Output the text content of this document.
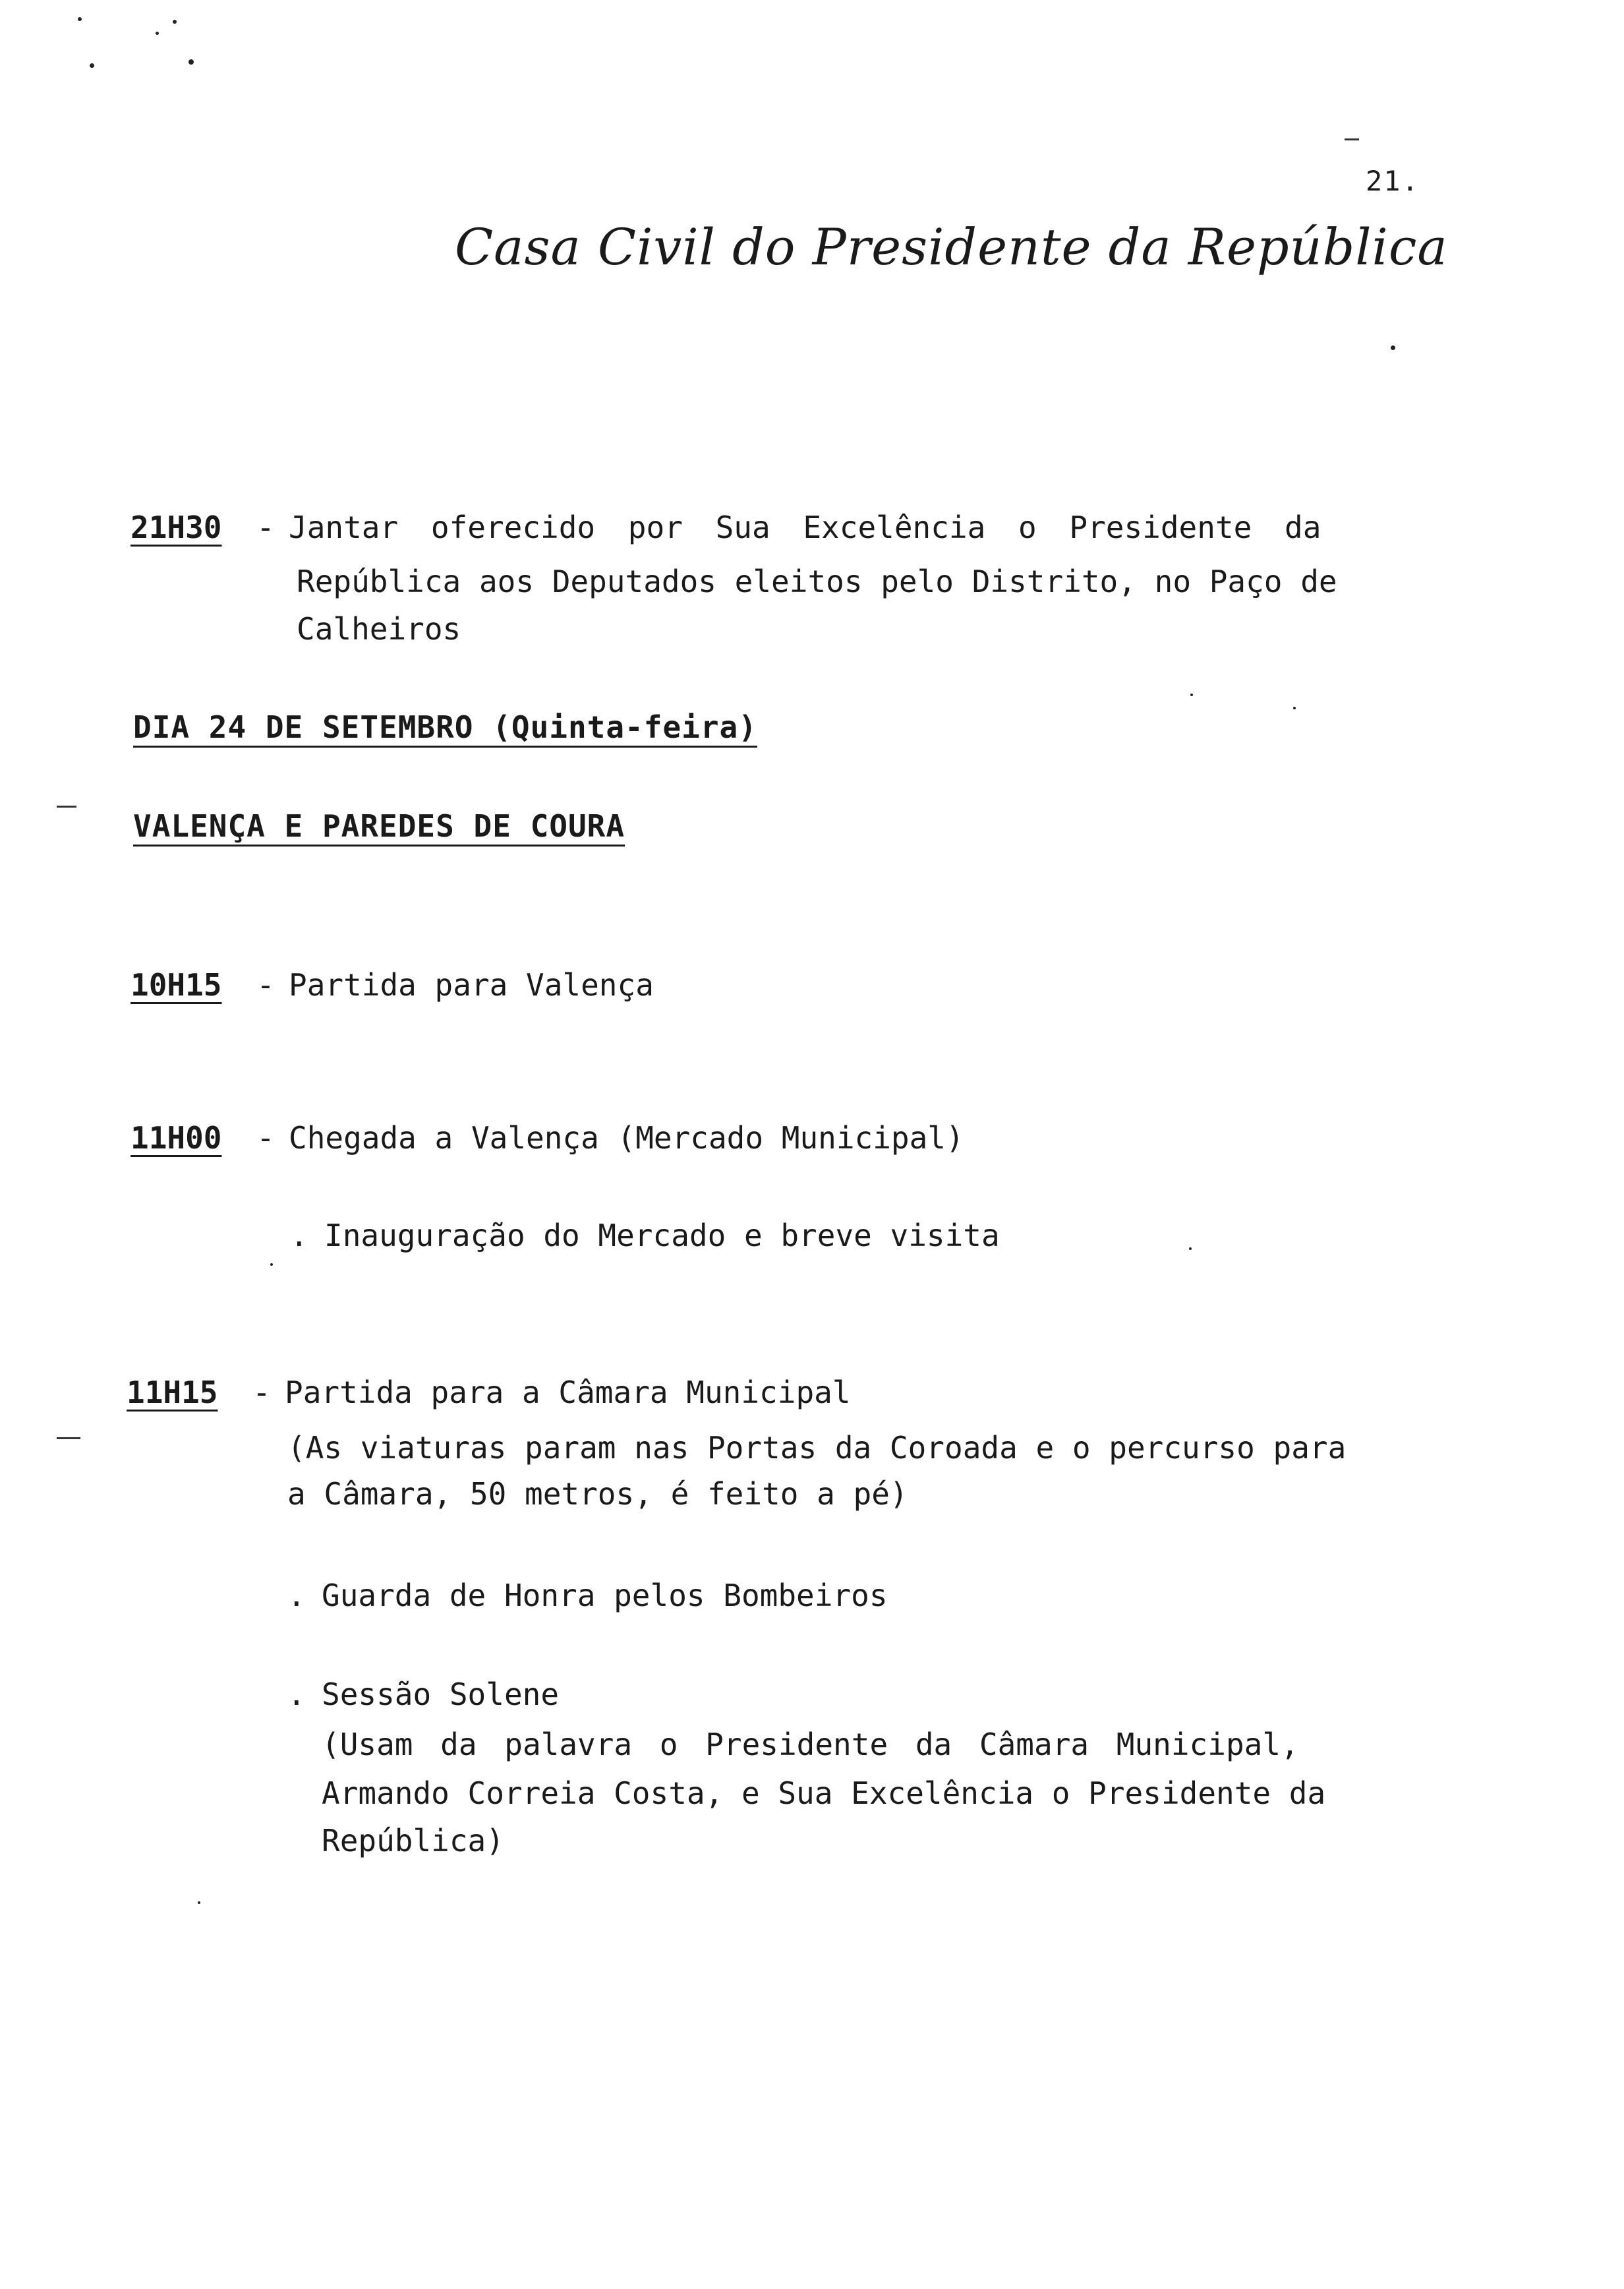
21.
Casa Civil do Presidente da República
21H30 - Jantar oferecido por Sua Excelência o Presidente da

República aos Deputados eleitos pelo Distrito, no Paço de

Calheiros

DIA 24 DE SETEMBRO (Quinta-feira)

VALENÇA E PAREDES DE COURA

10H15 - Partida para Valença
11H00 - Chegada a Valença (Mercado Municipal)

. Inauguração do Mercado e breve visita

11H15 - Partida para a Câmara Municipal

(As viaturas param nas Portas da Coroada e o percurso para

a Câmara, 50 metros, é feito a pé)

. Guarda de Honra pelos Bombeiros

. Sessão Solene

(Usam da palavra o Presidente da Câmara Municipal,

Armando Correia Costa, e Sua Excelência o Presidente da

República)
